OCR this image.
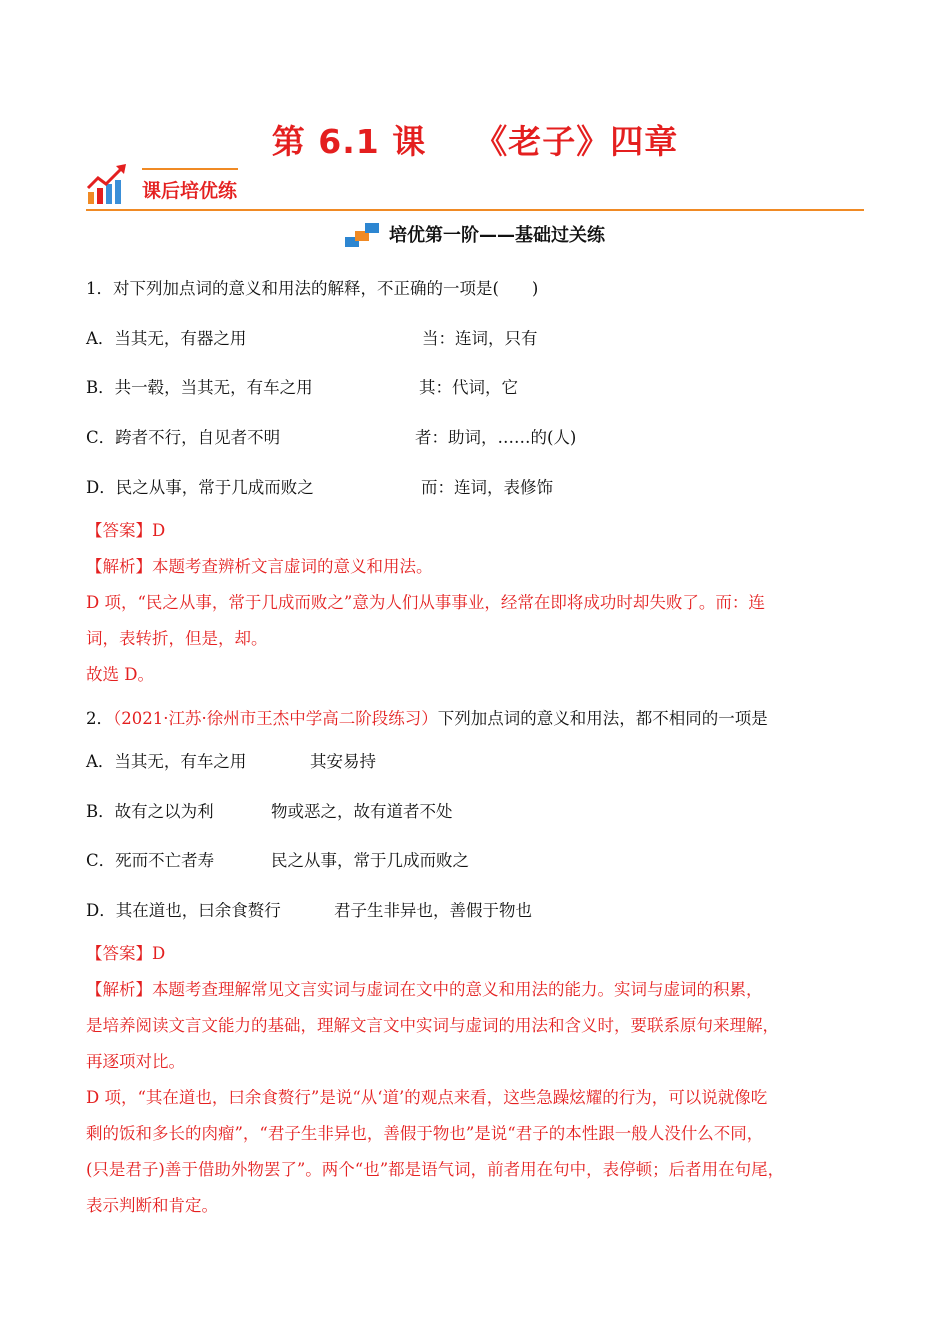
第 6.1 课 《老子》四章
课后培优练
培优第一阶——基础过关练
1．对下列加点词的意义和用法的解释，不正确的一项是(　　)
A．当其无，有器之用	当：连词，只有
B．共一毂，当其无，有车之用	其：代词，它
C．跨者不行，自见者不明	者：助词，……的(人)
D．民之从事，常于几成而败之	而：连词，表修饰
【答案】D
【解析】本题考查辨析文言虚词的意义和用法。
D 项，“民之从事，常于几成而败之”意为人们从事事业，经常在即将成功时却失败了。而：连
词，表转折，但是，却。
故选 D。
2．（2021·江苏·徐州市王杰中学高二阶段练习）下列加点词的意义和用法，都不相同的一项是
A．当其无，有车之用	其安易持
B．故有之以为利	物或恶之，故有道者不处
C．死而不亡者寿	民之从事，常于几成而败之
D．其在道也，曰余食赘行	君子生非异也，善假于物也
【答案】D
【解析】本题考查理解常见文言实词与虚词在文中的意义和用法的能力。实词与虚词的积累，
是培养阅读文言文能力的基础，理解文言文中实词与虚词的用法和含义时，要联系原句来理解，
再逐项对比。
D 项，“其在道也，曰余食赘行”是说“从‘道’的观点来看，这些急躁炫耀的行为，可以说就像吃
剩的饭和多长的肉瘤”，“君子生非异也，善假于物也”是说“君子的本性跟一般人没什么不同，
(只是君子)善于借助外物罢了”。两个“也”都是语气词，前者用在句中，表停顿；后者用在句尾，
表示判断和肯定。
